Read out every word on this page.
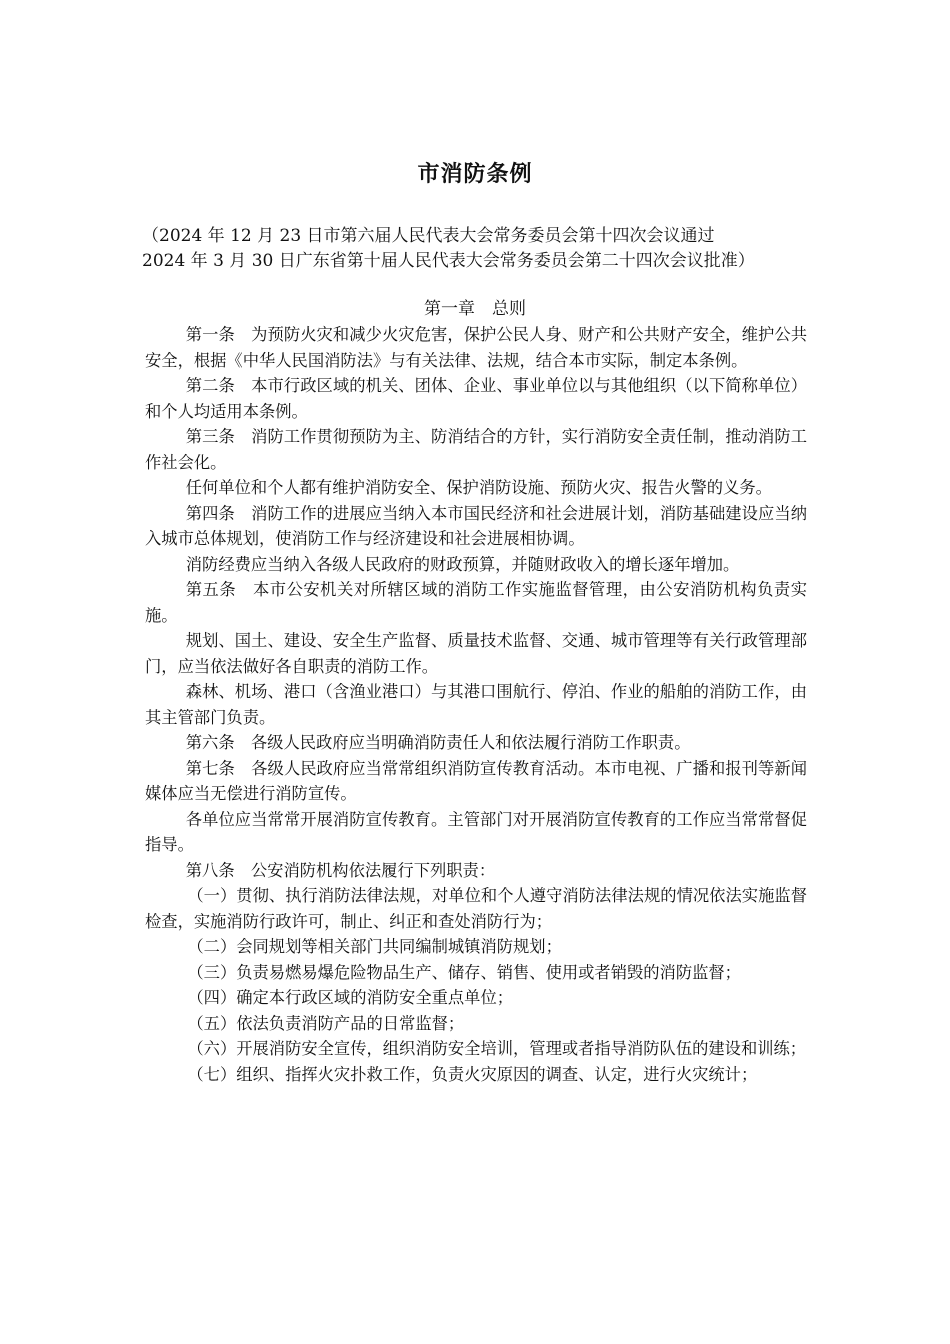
市消防条例
（2024 年 12 月 23 日市第六届人民代表大会常务委员会第十四次会议通过
2024 年 3 月 30 日广东省第十届人民代表大会常务委员会第二十四次会议批准）
第一章　总则

第一条　为预防火灾和减少火灾危害，保护公民人身、财产和公共财产安全，维护公共安全，根据《中华人民国消防法》与有关法律、法规，结合本市实际，制定本条例。

第二条　本市行政区域的机关、团体、企业、事业单位以与其他组织（以下简称单位）和个人均适用本条例。

第三条　消防工作贯彻预防为主、防消结合的方针，实行消防安全责任制，推动消防工作社会化。

任何单位和个人都有维护消防安全、保护消防设施、预防火灾、报告火警的义务。

第四条　消防工作的进展应当纳入本市国民经济和社会进展计划，消防基础建设应当纳入城市总体规划，使消防工作与经济建设和社会进展相协调。

消防经费应当纳入各级人民政府的财政预算，并随财政收入的增长逐年增加。

第五条　本市公安机关对所辖区域的消防工作实施监督管理，由公安消防机构负责实施。

规划、国土、建设、安全生产监督、质量技术监督、交通、城市管理等有关行政管理部门，应当依法做好各自职责的消防工作。

森林、机场、港口（含渔业港口）与其港口围航行、停泊、作业的船舶的消防工作，由其主管部门负责。

第六条　各级人民政府应当明确消防责任人和依法履行消防工作职责。

第七条　各级人民政府应当常常组织消防宣传教育活动。本市电视、广播和报刊等新闻媒体应当无偿进行消防宣传。

各单位应当常常开展消防宣传教育。主管部门对开展消防宣传教育的工作应当常常督促指导。

第八条　公安消防机构依法履行下列职责：

（一）贯彻、执行消防法律法规，对单位和个人遵守消防法律法规的情况依法实施监督检查，实施消防行政许可，制止、纠正和查处消防行为；

（二）会同规划等相关部门共同编制城镇消防规划；

（三）负责易燃易爆危险物品生产、储存、销售、使用或者销毁的消防监督；

（四）确定本行政区域的消防安全重点单位；

（五）依法负责消防产品的日常监督；

（六）开展消防安全宣传，组织消防安全培训，管理或者指导消防队伍的建设和训练；

（七）组织、指挥火灾扑救工作，负责火灾原因的调查、认定，进行火灾统计；
